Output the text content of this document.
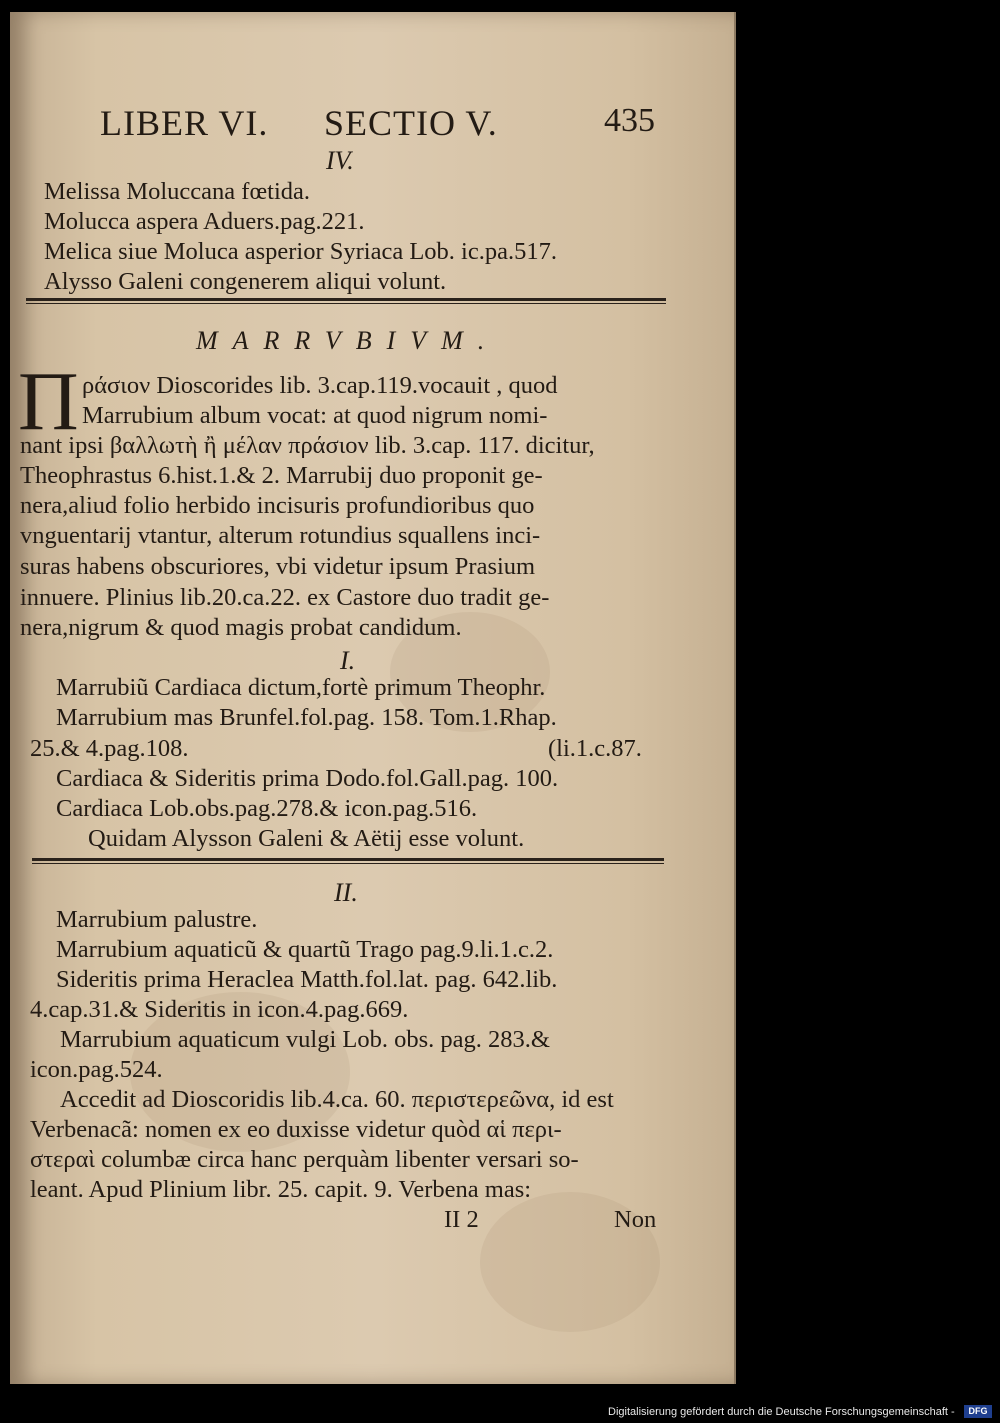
LIBER VI. SECTIO V.	435
IV.
Melissa Moluccana fœtida.
Molucca aspera Aduers.pag.221.
Melica siue Moluca asperior Syriaca Lob. ic.pa.517.
Alysso Galeni congenerem aliqui volunt.
MARRVBIVM.
Π ράσιον Dioscorides lib. 3.cap.119.vocauit , quod
Marrubium album vocat: at quod nigrum nomi-
nant ipsi βαλλωτὴ ἢ μέλαν πράσιον lib. 3.cap. 117. dicitur,
Theophrastus 6.hist.1.& 2. Marrubij duo proponit ge-
nera,aliud folio herbido incisuris profundioribus quo
vnguentarij vtantur, alterum rotundius squallens inci-
suras habens obscuriores, vbi videtur ipsum Prasium
innuere. Plinius lib.20.ca.22. ex Castore duo tradit ge-
nera,nigrum & quod magis probat candidum.
I.
Marrubiũ Cardiaca dictum,fortè primum Theophr.
Marrubium mas Brunfel.fol.pag. 158. Tom.1.Rhap.
25.& 4.pag.108.	(li.1.c.87.
Cardiaca & Sideritis prima Dodo.fol.Gall.pag. 100.
Cardiaca Lob.obs.pag.278.& icon.pag.516.
Quidam Alysson Galeni & Aëtij esse volunt.
II.
Marrubium palustre.
Marrubium aquaticũ & quartũ Trago pag.9.li.1.c.2.
Sideritis prima Heraclea Matth.fol.lat. pag. 642.lib.
4.cap.31.& Sideritis in icon.4.pag.669.
Marrubium aquaticum vulgi Lob. obs. pag. 283.&
icon.pag.524.
Accedit ad Dioscoridis lib.4.ca. 60. περιστερεῶνα, id est
Verbenacã: nomen ex eo duxisse videtur quòd αἱ περι-
στεραὶ columbæ circa hanc perquàm libenter versari so-
leant. Apud Plinium libr. 25. capit. 9. Verbena mas:
II 2	Non
Digitalisierung gefördert durch die Deutsche Forschungsgemeinschaft -	DFG
